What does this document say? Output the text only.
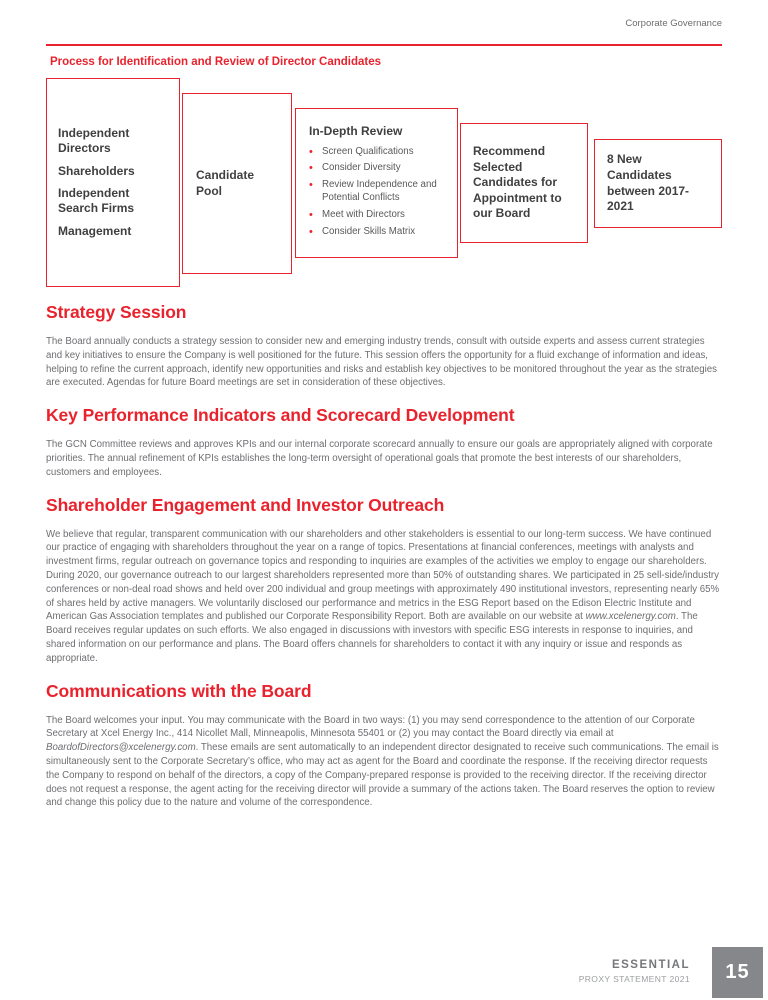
Corporate Governance
Process for Identification and Review of Director Candidates
Independent Directors
Shareholders
Independent Search Firms
Management
Candidate Pool
In-Depth Review
• Screen Qualifications
• Consider Diversity
• Review Independence and Potential Conflicts
• Meet with Directors
• Consider Skills Matrix
Recommend Selected Candidates for Appointment to our Board
8 New Candidates between 2017-2021
Strategy Session

The Board annually conducts a strategy session to consider new and emerging industry trends, consult with outside experts and assess current strategies and key initiatives to ensure the Company is well positioned for the future. This session offers the opportunity for a fluid exchange of information and ideas, helping to refine the current approach, identify new opportunities and risks and establish key objectives to be monitored throughout the year as the strategies are executed. Agendas for future Board meetings are set in consideration of these objectives.

Key Performance Indicators and Scorecard Development

The GCN Committee reviews and approves KPIs and our internal corporate scorecard annually to ensure our goals are appropriately aligned with corporate priorities. The annual refinement of KPIs establishes the long-term oversight of operational goals that promote the best interests of our shareholders, customers and employees.

Shareholder Engagement and Investor Outreach

We believe that regular, transparent communication with our shareholders and other stakeholders is essential to our long-term success. We have continued our practice of engaging with shareholders throughout the year on a range of topics. Presentations at financial conferences, meetings with analysts and investment firms, regular outreach on governance topics and responding to inquiries are examples of the activities we employ to engage our shareholders. During 2020, our governance outreach to our largest shareholders represented more than 50% of outstanding shares. We participated in 25 sell-side/industry conferences or non-deal road shows and held over 200 individual and group meetings with approximately 490 institutional investors, representing nearly 65% of shares held by active managers. We voluntarily disclosed our performance and metrics in the ESG Report based on the Edison Electric Institute and American Gas Association templates and published our Corporate Responsibility Report. Both are available on our website at www.xcelenergy.com. The Board receives regular updates on such efforts. We also engaged in discussions with investors with specific ESG interests in response to inquiries, and shared information on our performance and plans. The Board offers channels for shareholders to contact it with any inquiry or issue and responds as appropriate.

Communications with the Board

The Board welcomes your input. You may communicate with the Board in two ways: (1) you may send correspondence to the attention of our Corporate Secretary at Xcel Energy Inc., 414 Nicollet Mall, Minneapolis, Minnesota 55401 or (2) you may contact the Board directly via email at BoardofDirectors@xcelenergy.com. These emails are sent automatically to an independent director designated to receive such communications. The email is simultaneously sent to the Corporate Secretary’s office, who may act as agent for the Board and coordinate the response. If the receiving director requests the Company to respond on behalf of the directors, a copy of the Company-prepared response is provided to the receiving director. If the receiving director does not request a response, the agent acting for the receiving director will provide a summary of the actions taken. The Board reserves the option to review and change this policy due to the nature and volume of the correspondence.

ESSENTIAL
PROXY STATEMENT 2021 15
